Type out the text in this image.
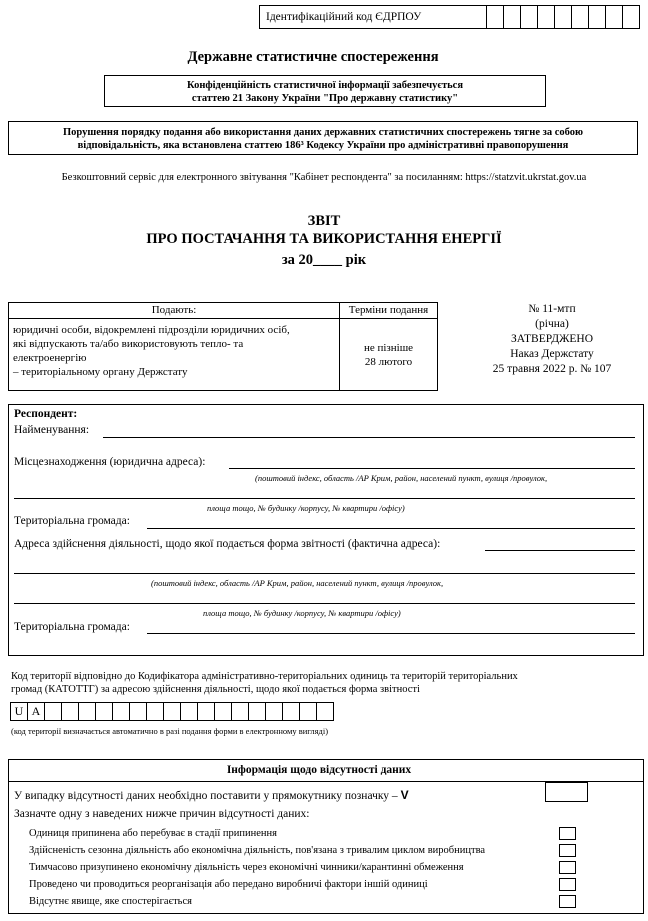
Ідентифікаційний код ЄДРПОУ
Державне статистичне спостереження
Конфіденційність статистичної інформації забезпечується
статтею 21 Закону України "Про державну статистику"
Порушення порядку подання або використання даних державних статистичних спостережень тягне за собою
відповідальність, яка встановлена статтею 186³ Кодексу України про адміністративні правопорушення
Безкоштовний сервіс для електронного звітування "Кабінет респондента" за посиланням: https://statzvit.ukrstat.gov.ua
ЗВІТ
ПРО ПОСТАЧАННЯ ТА ВИКОРИСТАННЯ ЕНЕРГІЇ
за 20____ рік
Подають:	Терміни подання
юридичні особи, відокремлені підрозділи юридичних осіб,
які відпускають та/або використовують тепло- та
електроенергію
– територіальному органу Держстату
не пізніше
28 лютого
№ 11-мтп
(річна)
ЗАТВЕРДЖЕНО
Наказ Держстату
25 травня 2022 р. № 107
Респондент:
Найменування:
Місцезнаходження (юридична адреса):
(поштовий індекс, область /АР Крим, район, населений пункт, вулиця /провулок,
площа тощо, № будинку /корпусу, № квартири /офісу)
Територіальна громада:
Адреса здійснення діяльності, щодо якої подається форма звітності (фактична адреса):
(поштовий індекс, область /АР Крим, район, населений пункт, вулиця /провулок,
площа тощо, № будинку /корпусу, № квартири /офісу)
Територіальна громада:
Код території відповідно до Кодифікатора адміністративно-територіальних одиниць та територій територіальних
громад (КАТОТТГ) за адресою здійснення діяльності, щодо якої подається форма звітності
U A
(код території визначається автоматично в разі подання форми в електронному вигляді)
Інформація щодо відсутності даних
У випадку відсутності даних необхідно поставити у прямокутнику позначку – V
Зазначте одну з наведених нижче причин відсутності даних:
Одиниця припинена або перебуває в стадії припинення
Здійсненість сезонна діяльність або економічна діяльність, пов'язана з тривалим циклом виробництва
Тимчасово призупинено економічну діяльність через економічні чинники/карантинні обмеження
Проведено чи проводиться реорганізація або передано виробничі фактори іншій одиниці
Відсутнє явище, яке спостерігається
